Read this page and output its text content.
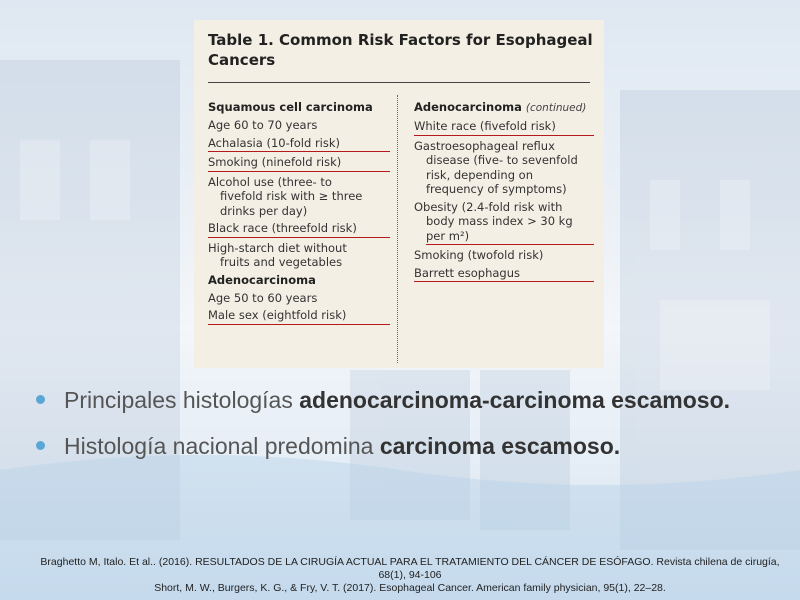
Table 1. Common Risk Factors for Esophageal Cancers
Squamous cell carcinoma
Age 60 to 70 years
Achalasia (10-fold risk)
Smoking (ninefold risk)
Alcohol use (three- to fivefold risk with ≥ three drinks per day)
Black race (threefold risk)
High-starch diet without fruits and vegetables
Adenocarcinoma
Age 50 to 60 years
Male sex (eightfold risk)
Adenocarcinoma (continued)
White race (fivefold risk)
Gastroesophageal reflux disease (five- to sevenfold risk, depending on frequency of symptoms)
Obesity (2.4-fold risk with body mass index > 30 kg per m²)
Smoking (twofold risk)
Barrett esophagus
Principales histologías adenocarcinoma-carcinoma escamoso.
Histología nacional predomina carcinoma escamoso.
Braghetto M, Italo. Et al.. (2016). RESULTADOS DE LA CIRUGÍA ACTUAL PARA EL TRATAMIENTO DEL CÁNCER DE ESÓFAGO. Revista chilena de cirugía, 68(1), 94-106
Short, M. W., Burgers, K. G., & Fry, V. T. (2017). Esophageal Cancer. American family physician, 95(1), 22–28.
